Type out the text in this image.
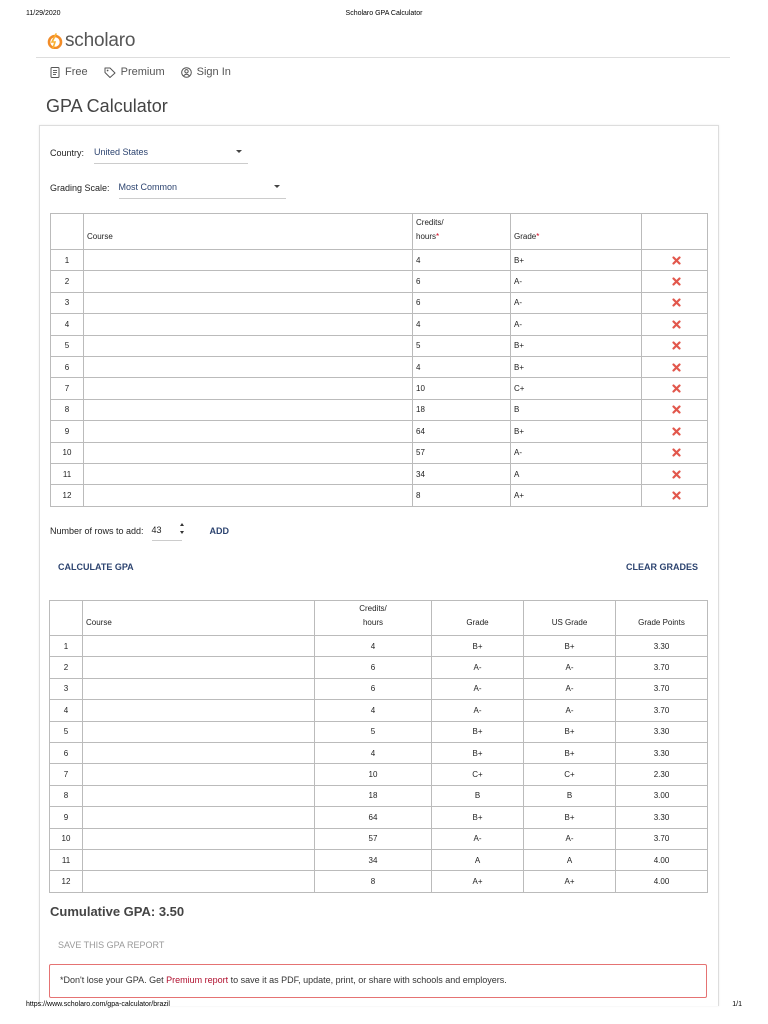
11/29/2020	Scholaro GPA Calculator
scholaro
Free	Premium	Sign In
GPA Calculator
Country: United States
Grading Scale: Most Common
	Course	Credits/
hours*	Grade*	
1		4	B+	

2		6	A-	

3		6	A-	

4		4	A-	

5		5	B+	

6		4	B+	

7		10	C+	

8		18	B	

9		64	B+	

10		57	A-	

11		34	A	

12		8	A+	
Number of rows to add: 43	ADD
CALCULATE GPA	CLEAR GRADES
	Course	Credits/
hours	Grade	US Grade	Grade Points
1		4	B+	B+	3.30
2		6	A-	A-	3.70
3		6	A-	A-	3.70
4		4	A-	A-	3.70
5		5	B+	B+	3.30
6		4	B+	B+	3.30
7		10	C+	C+	2.30
8		18	B	B	3.00
9		64	B+	B+	3.30
10		57	A-	A-	3.70
11		34	A	A	4.00
12		8	A+	A+	4.00
Cumulative GPA: 3.50
SAVE THIS GPA REPORT
*Don't lose your GPA. Get Premium report to save it as PDF, update, print, or share with schools and employers.
https://www.scholaro.com/gpa-calculator/brazil	1/1
